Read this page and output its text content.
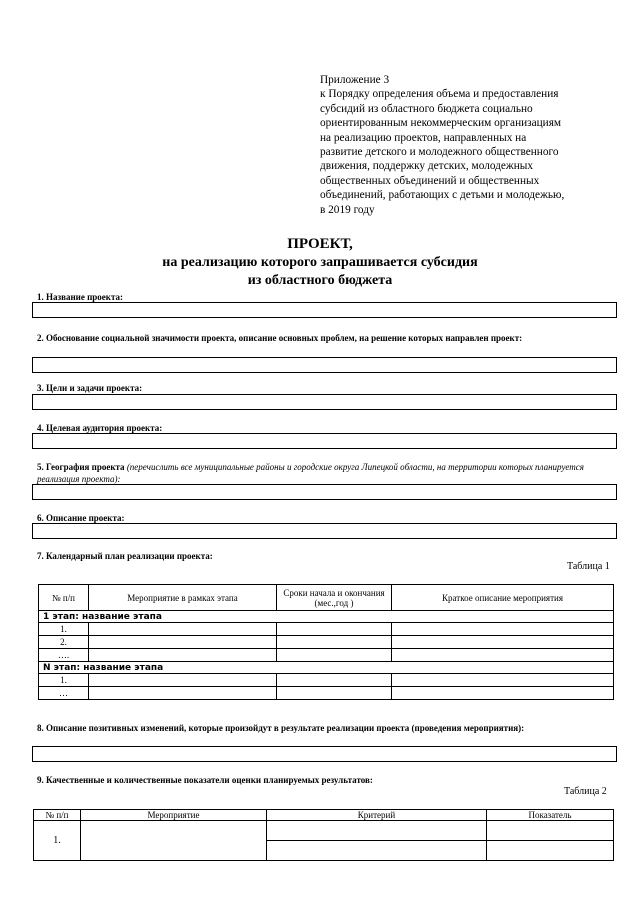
Приложение 3
к Порядку определения объема и предоставления
субсидий из областного бюджета социально
ориентированным некоммерческим организациям
на реализацию проектов, направленных на
развитие детского и молодежного общественного
движения, поддержку детских, молодежных
общественных объединений и общественных
объединений, работающих с детьми и молодежью,
в 2019 году
ПРОЕКТ,
на реализацию которого запрашивается субсидия
из областного бюджета
1. Название проекта:
2. Обоснование социальной значимости проекта, описание основных проблем, на решение которых направлен проект:
3. Цели и задачи проекта:
4. Целевая аудитория проекта:
5. География проекта (перечислить все муниципальные районы и городские округа Липецкой области, на территории которых планируется реализация проекта):
6. Описание проекта:
7. Календарный план реализации проекта:
Таблица 1
№ п/п	Мероприятие в рамках этапа	Сроки начала и окончания (мес.,год )	Краткое описание мероприятия
1 этап: название этапа			
1.			
2.			
….			
N этап: название этапа			
1.			
…			
8. Описание позитивных изменений, которые произойдут в результате реализации проекта (проведения мероприятия):
9. Качественные и количественные показатели оценки планируемых результатов:
Таблица 2
№ п/п	Мероприятие	Критерий	Показатель
1.			
